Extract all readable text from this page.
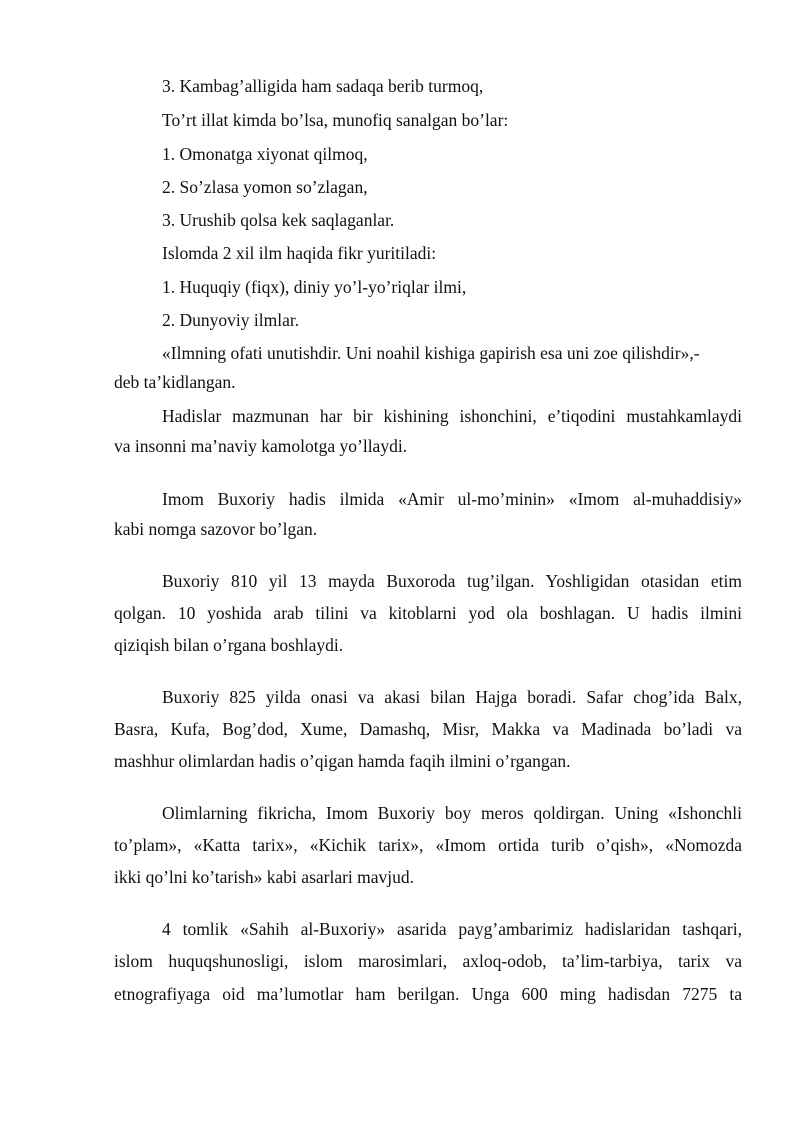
3. Kambag’alligida ham sadaqa berib turmoq,
To’rt illat kimda bo’lsa, munofiq sanalgan bo’lar:
1. Omonatga xiyonat qilmoq,
2. So’zlasa yomon so’zlagan,
3. Urushib qolsa kek saqlaganlar.
Islomda 2 xil ilm haqida fikr yuritiladi:
1. Huquqiy (fiqx), diniy yo’l-yo’riqlar ilmi,
2. Dunyoviy ilmlar.
«Ilmning ofati unutishdir. Uni noahil kishiga gapirish esa uni zoe qilishdir»,-
deb ta’kidlangan.
Hadislar mazmunan har bir kishining ishonchini, e’tiqodini mustahkamlaydi
va insonni ma’naviy kamolotga yo’llaydi.
Imom Buxoriy hadis ilmida «Amir ul-mo’minin» «Imom al-muhaddisiy»
kabi nomga sazovor bo’lgan.
Buxoriy 810 yil 13 mayda Buxoroda tug’ilgan. Yoshligidan otasidan etim
qolgan. 10 yoshida arab tilini va kitoblarni yod ola boshlagan. U hadis ilmini
qiziqish bilan o’rgana boshlaydi.
Buxoriy 825 yilda onasi va akasi bilan Hajga boradi. Safar chog’ida Balx,
Basra, Kufa, Bog’dod, Xume, Damashq, Misr, Makka va Madinada bo’ladi va
mashhur olimlardan hadis o’qigan hamda faqih ilmini o’rgangan.
Olimlarning fikricha, Imom Buxoriy boy meros qoldirgan. Uning «Ishonchli
to’plam», «Katta tarix», «Kichik tarix», «Imom ortida turib o’qish», «Nomozda
ikki qo’lni ko’tarish» kabi asarlari mavjud.
4 tomlik «Sahih al-Buxoriy» asarida payg’ambarimiz hadislaridan tashqari,
islom huquqshunosligi, islom marosimlari, axloq-odob, ta’lim-tarbiya, tarix va
etnografiyaga oid ma’lumotlar ham berilgan. Unga 600 ming hadisdan 7275 ta
